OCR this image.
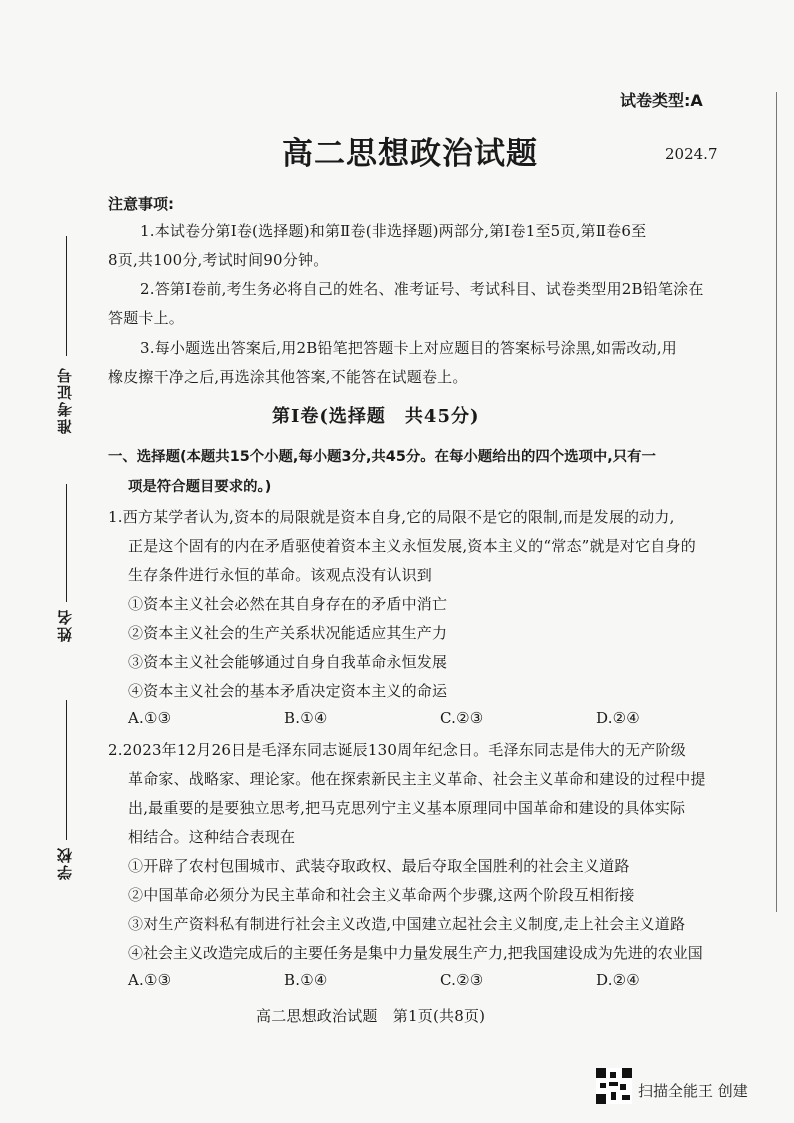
准考证号
姓名
学校
试卷类型:A
高二思想政治试题	2024.7
注意事项:
1.本试卷分第Ⅰ卷(选择题)和第Ⅱ卷(非选择题)两部分,第Ⅰ卷1至5页,第Ⅱ卷6至
8页,共100分,考试时间90分钟。
2.答第Ⅰ卷前,考生务必将自己的姓名、准考证号、考试科目、试卷类型用2B铅笔涂在
答题卡上。
3.每小题选出答案后,用2B铅笔把答题卡上对应题目的答案标号涂黑,如需改动,用
橡皮擦干净之后,再选涂其他答案,不能答在试题卷上。
第Ⅰ卷(选择题　共45分)
一、选择题(本题共15个小题,每小题3分,共45分。在每小题给出的四个选项中,只有一
项是符合题目要求的。)
1.西方某学者认为,资本的局限就是资本自身,它的局限不是它的限制,而是发展的动力,
正是这个固有的内在矛盾驱使着资本主义永恒发展,资本主义的“常态”就是对它自身的
生存条件进行永恒的革命。该观点没有认识到
①资本主义社会必然在其自身存在的矛盾中消亡
②资本主义社会的生产关系状况能适应其生产力
③资本主义社会能够通过自身自我革命永恒发展
④资本主义社会的基本矛盾决定资本主义的命运
A.①③	B.①④	C.②③	D.②④
2.2023年12月26日是毛泽东同志诞辰130周年纪念日。毛泽东同志是伟大的无产阶级
革命家、战略家、理论家。他在探索新民主主义革命、社会主义革命和建设的过程中提
出,最重要的是要独立思考,把马克思列宁主义基本原理同中国革命和建设的具体实际
相结合。这种结合表现在
①开辟了农村包围城市、武装夺取政权、最后夺取全国胜利的社会主义道路
②中国革命必须分为民主革命和社会主义革命两个步骤,这两个阶段互相衔接
③对生产资料私有制进行社会主义改造,中国建立起社会主义制度,走上社会主义道路
④社会主义改造完成后的主要任务是集中力量发展生产力,把我国建设成为先进的农业国
A.①③	B.①④	C.②③	D.②④
高二思想政治试题　第1页(共8页)
扫描全能王 创建
